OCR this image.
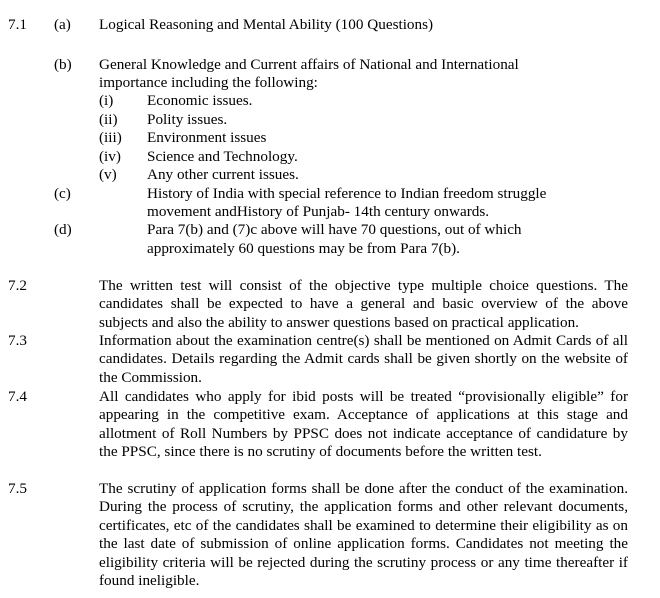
7.1 (a) Logical Reasoning and Mental Ability (100 Questions)
(b) General Knowledge and Current affairs of National and International
importance including the following:
(i) Economic issues.
(ii) Polity issues.
(iii) Environment issues
(iv) Science and Technology.
(v) Any other current issues.
(c)	History of India with special reference to Indian freedom struggle
movement andHistory of Punjab- 14th century onwards.
(d)	Para 7(b) and (7)c above will have 70 questions, out of which
approximately 60 questions may be from Para 7(b).
7.2	The written test will consist of the objective type multiple choice questions. The candidates shall be expected to have a general and basic overview of the above subjects and also the ability to answer questions based on practical application.
7.3	Information about the examination centre(s) shall be mentioned on Admit Cards of all candidates. Details regarding the Admit cards shall be given shortly on the website of the Commission.
7.4	All candidates who apply for ibid posts will be treated “provisionally eligible” for appearing in the competitive exam. Acceptance of applications at this stage and allotment of Roll Numbers by PPSC does not indicate acceptance of candidature by the PPSC, since there is no scrutiny of documents before the written test.
7.5	The scrutiny of application forms shall be done after the conduct of the examination. During the process of scrutiny, the application forms and other relevant documents, certificates, etc of the candidates shall be examined to determine their eligibility as on the last date of submission of online application forms. Candidates not meeting the eligibility criteria will be rejected during the scrutiny process or any time thereafter if found ineligible.
